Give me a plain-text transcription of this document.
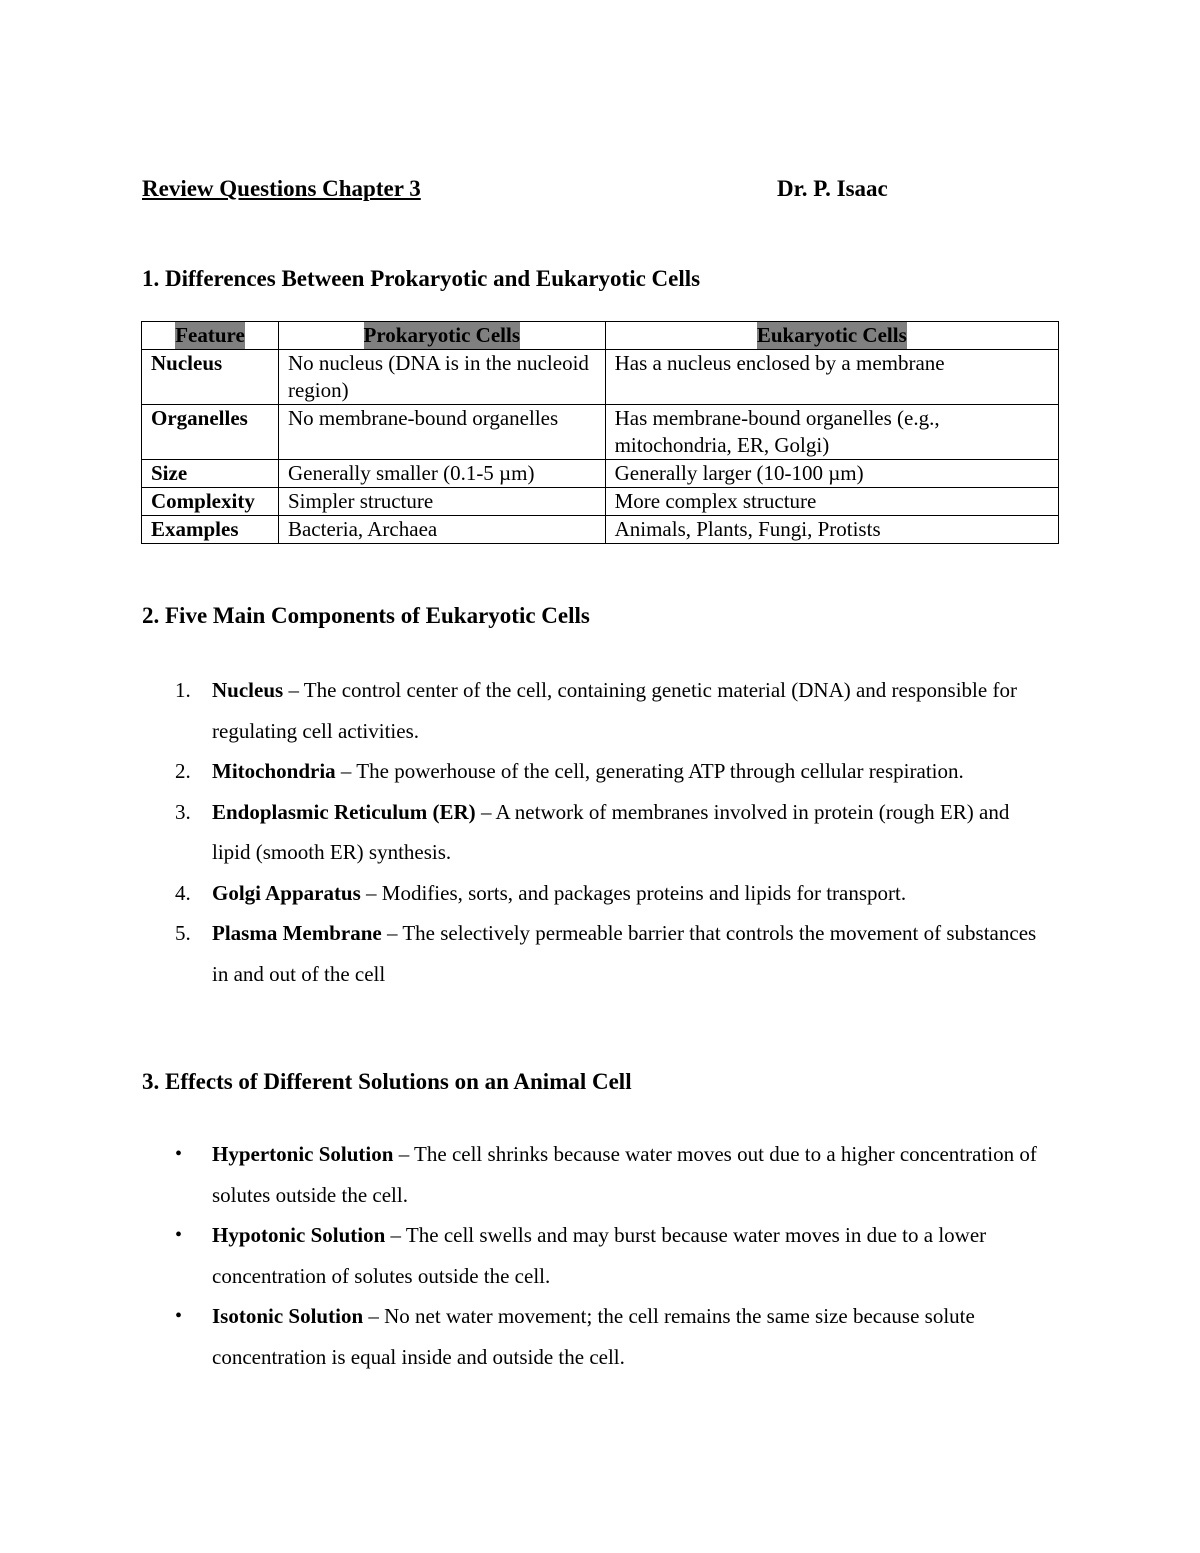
Review Questions Chapter 3	Dr. P. Isaac
1. Differences Between Prokaryotic and Eukaryotic Cells
Feature	Prokaryotic Cells	Eukaryotic Cells
Nucleus	No nucleus (DNA is in the nucleoid region)	Has a nucleus enclosed by a membrane
Organelles	No membrane-bound organelles	Has membrane-bound organelles (e.g., mitochondria, ER, Golgi)
Size	Generally smaller (0.1-5 µm)	Generally larger (10-100 µm)
Complexity	Simpler structure	More complex structure
Examples	Bacteria, Archaea	Animals, Plants, Fungi, Protists
2. Five Main Components of Eukaryotic Cells
1. Nucleus – The control center of the cell, containing genetic material (DNA) and responsible for regulating cell activities.
2. Mitochondria – The powerhouse of the cell, generating ATP through cellular respiration.
3. Endoplasmic Reticulum (ER) – A network of membranes involved in protein (rough ER) and lipid (smooth ER) synthesis.
4. Golgi Apparatus – Modifies, sorts, and packages proteins and lipids for transport.
5. Plasma Membrane – The selectively permeable barrier that controls the movement of substances in and out of the cell
3. Effects of Different Solutions on an Animal Cell
• Hypertonic Solution – The cell shrinks because water moves out due to a higher concentration of solutes outside the cell.
• Hypotonic Solution – The cell swells and may burst because water moves in due to a lower concentration of solutes outside the cell.
• Isotonic Solution – No net water movement; the cell remains the same size because solute concentration is equal inside and outside the cell.
